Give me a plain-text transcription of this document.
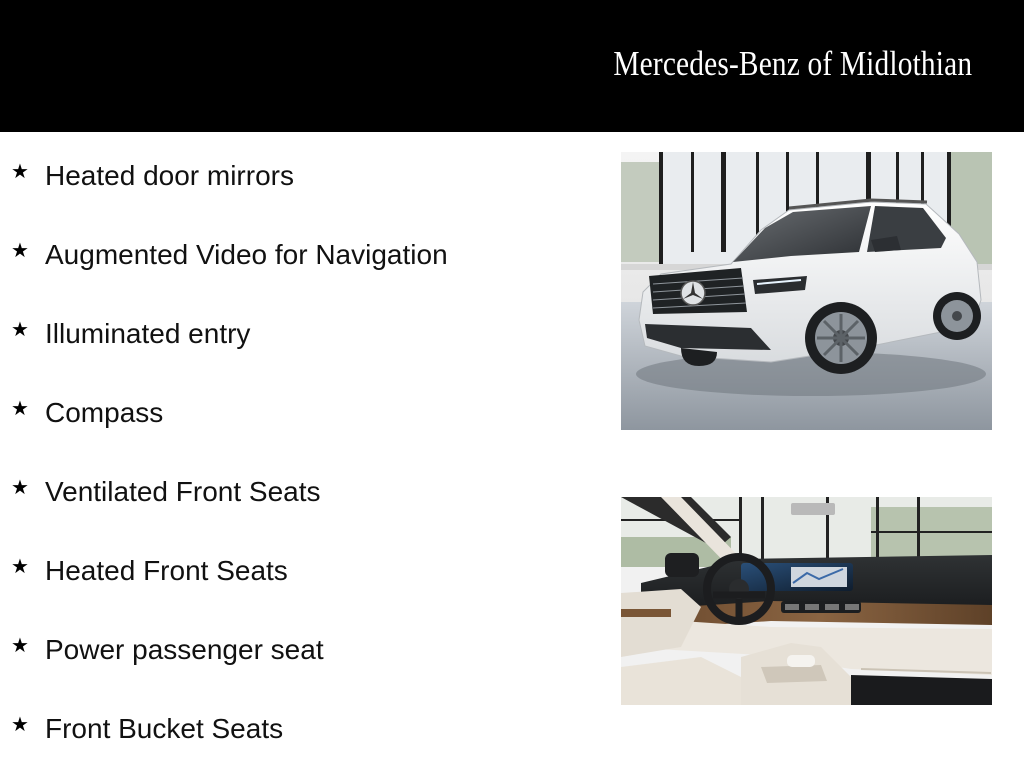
Mercedes-Benz of Midlothian
★ Heated door mirrors
★ Augmented Video for Navigation
★ Illuminated entry
★ Compass
★ Ventilated Front Seats
★ Heated Front Seats
★ Power passenger seat
★ Front Bucket Seats
